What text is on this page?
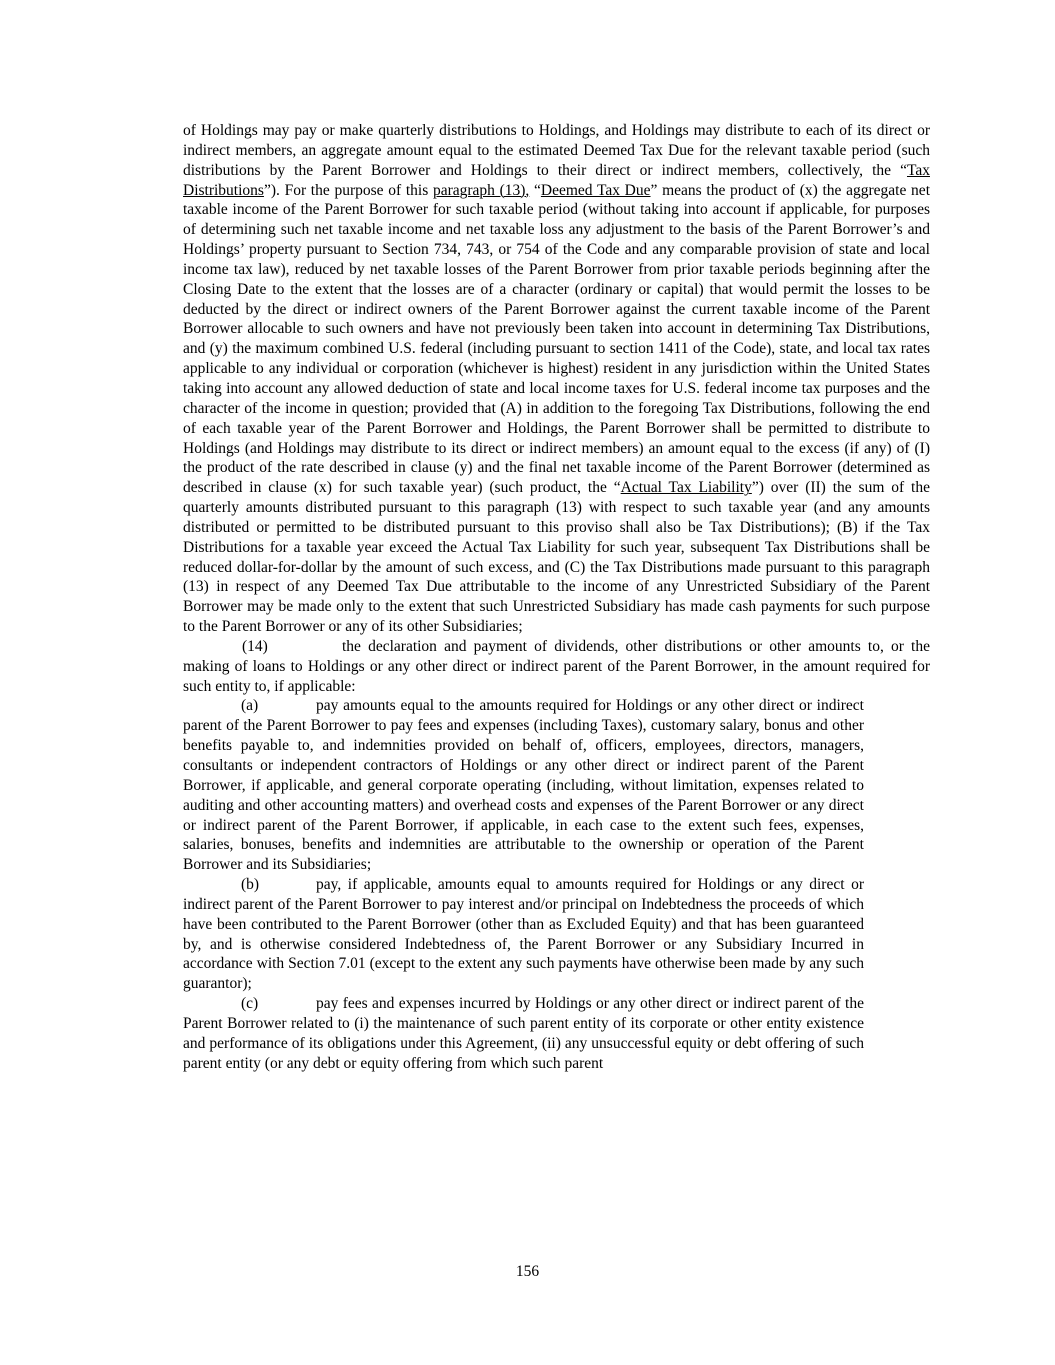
of Holdings may pay or make quarterly distributions to Holdings, and Holdings may distribute to each of its direct or indirect members, an aggregate amount equal to the estimated Deemed Tax Due for the relevant taxable period (such distributions by the Parent Borrower and Holdings to their direct or indirect members, collectively, the “Tax Distributions”). For the purpose of this paragraph (13), “Deemed Tax Due” means the product of (x) the aggregate net taxable income of the Parent Borrower for such taxable period (without taking into account if applicable, for purposes of determining such net taxable income and net taxable loss any adjustment to the basis of the Parent Borrower’s and Holdings’ property pursuant to Section 734, 743, or 754 of the Code and any comparable provision of state and local income tax law), reduced by net taxable losses of the Parent Borrower from prior taxable periods beginning after the Closing Date to the extent that the losses are of a character (ordinary or capital) that would permit the losses to be deducted by the direct or indirect owners of the Parent Borrower against the current taxable income of the Parent Borrower allocable to such owners and have not previously been taken into account in determining Tax Distributions, and (y) the maximum combined U.S. federal (including pursuant to section 1411 of the Code), state, and local tax rates applicable to any individual or corporation (whichever is highest) resident in any jurisdiction within the United States taking into account any allowed deduction of state and local income taxes for U.S. federal income tax purposes and the character of the income in question; provided that (A) in addition to the foregoing Tax Distributions, following the end of each taxable year of the Parent Borrower and Holdings, the Parent Borrower shall be permitted to distribute to Holdings (and Holdings may distribute to its direct or indirect members) an amount equal to the excess (if any) of (I) the product of the rate described in clause (y) and the final net taxable income of the Parent Borrower (determined as described in clause (x) for such taxable year) (such product, the “Actual Tax Liability”) over (II) the sum of the quarterly amounts distributed pursuant to this paragraph (13) with respect to such taxable year (and any amounts distributed or permitted to be distributed pursuant to this proviso shall also be Tax Distributions); (B) if the Tax Distributions for a taxable year exceed the Actual Tax Liability for such year, subsequent Tax Distributions shall be reduced dollar-for-dollar by the amount of such excess, and (C) the Tax Distributions made pursuant to this paragraph (13) in respect of any Deemed Tax Due attributable to the income of any Unrestricted Subsidiary of the Parent Borrower may be made only to the extent that such Unrestricted Subsidiary has made cash payments for such purpose to the Parent Borrower or any of its other Subsidiaries;

(14)	the declaration and payment of dividends, other distributions or other amounts to, or the making of loans to Holdings or any other direct or indirect parent of the Parent Borrower, in the amount required for such entity to, if applicable:

(a)	pay amounts equal to the amounts required for Holdings or any other direct or indirect parent of the Parent Borrower to pay fees and expenses (including Taxes), customary salary, bonus and other benefits payable to, and indemnities provided on behalf of, officers, employees, directors, managers, consultants or independent contractors of Holdings or any other direct or indirect parent of the Parent Borrower, if applicable, and general corporate operating (including, without limitation, expenses related to auditing and other accounting matters) and overhead costs and expenses of the Parent Borrower or any direct or indirect parent of the Parent Borrower, if applicable, in each case to the extent such fees, expenses, salaries, bonuses, benefits and indemnities are attributable to the ownership or operation of the Parent Borrower and its Subsidiaries;

(b)	pay, if applicable, amounts equal to amounts required for Holdings or any direct or indirect parent of the Parent Borrower to pay interest and/or principal on Indebtedness the proceeds of which have been contributed to the Parent Borrower (other than as Excluded Equity) and that has been guaranteed by, and is otherwise considered Indebtedness of, the Parent Borrower or any Subsidiary Incurred in accordance with Section 7.01 (except to the extent any such payments have otherwise been made by any such guarantor);

(c)	pay fees and expenses incurred by Holdings or any other direct or indirect parent of the Parent Borrower related to (i) the maintenance of such parent entity of its corporate or other entity existence and performance of its obligations under this Agreement, (ii) any unsuccessful equity or debt offering of such parent entity (or any debt or equity offering from which such parent

156
